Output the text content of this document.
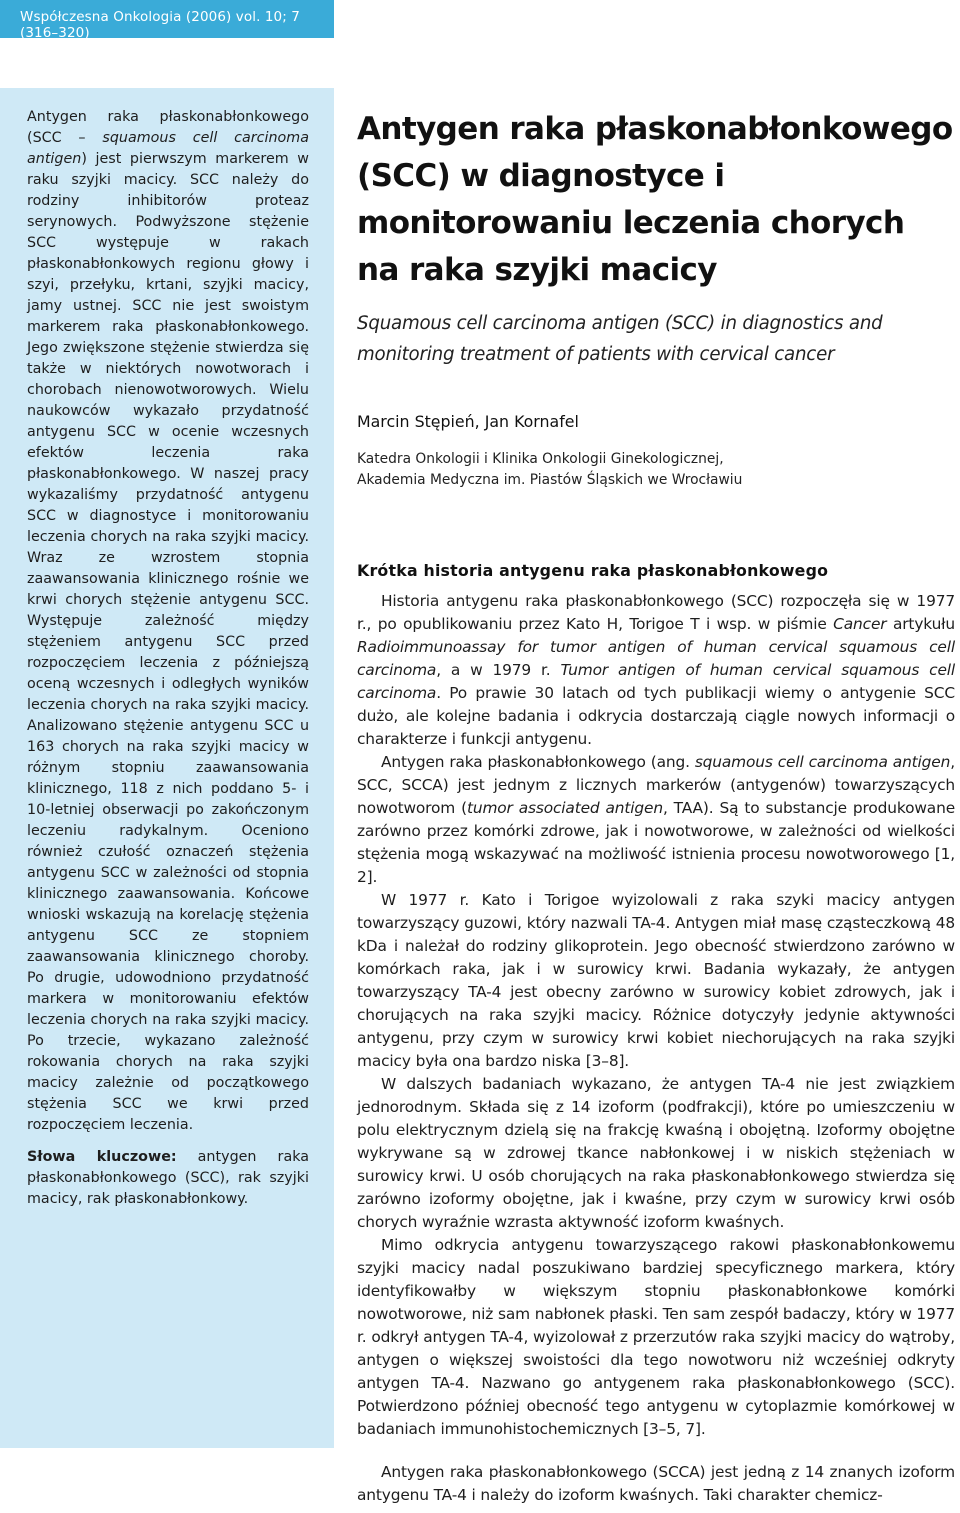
Współczesna Onkologia (2006) vol. 10; 7 (316–320)

Antygen raka płaskonabłonkowego (SCC – squamous cell carcinoma antigen) jest pierwszym markerem w raku szyjki macicy. SCC należy do rodziny inhibitorów proteaz serynowych. Podwyższone stężenie SCC występuje w rakach płaskonabłonkowych regionu głowy i szyi, przełyku, krtani, szyjki macicy, jamy ustnej. SCC nie jest swoistym markerem raka płaskonabłonkowego. Jego zwiększone stężenie stwierdza się także w niektórych nowotworach i chorobach nienowotworowych. Wielu naukowców wykazało przydatność antygenu SCC w ocenie wczesnych efektów leczenia raka płaskonabłonkowego. W naszej pracy wykazaliśmy przydatność antygenu SCC w diagnostyce i monitorowaniu leczenia chorych na raka szyjki macicy. Wraz ze wzrostem stopnia zaawansowania klinicznego rośnie we krwi chorych stężenie antygenu SCC. Występuje zależność między stężeniem antygenu SCC przed rozpoczęciem leczenia z późniejszą oceną wczesnych i odległych wyników leczenia chorych na raka szyjki macicy. Analizowano stężenie antygenu SCC u 163 chorych na raka szyjki macicy w różnym stopniu zaawansowania klinicznego, 118 z nich poddano 5- i 10-letniej obserwacji po zakończonym leczeniu radykalnym. Oceniono również czułość oznaczeń stężenia antygenu SCC w zależności od stopnia klinicznego zaawansowania. Końcowe wnioski wskazują na korelację stężenia antygenu SCC ze stopniem zaawansowania klinicznego choroby. Po drugie, udowodniono przydatność markera w monitorowaniu efektów leczenia chorych na raka szyjki macicy. Po trzecie, wykazano zależność rokowania chorych na raka szyjki macicy zależnie od początkowego stężenia SCC we krwi przed rozpoczęciem leczenia.

Słowa kluczowe: antygen raka płaskonabłonkowego (SCC), rak szyjki macicy, rak płaskonabłonkowy.

Antygen raka płaskonabłonkowego (SCC) w diagnostyce i monitorowaniu leczenia chorych na raka szyjki macicy

Squamous cell carcinoma antigen (SCC) in diagnostics and monitoring treatment of patients with cervical cancer

Marcin Stępień, Jan Kornafel

Katedra Onkologii i Klinika Onkologii Ginekologicznej,
Akademia Medyczna im. Piastów Śląskich we Wrocławiu

Krótka historia antygenu raka płaskonabłonkowego

Historia antygenu raka płaskonabłonkowego (SCC) rozpoczęła się w 1977 r., po opublikowaniu przez Kato H, Torigoe T i wsp. w piśmie Cancer artykułu Radioimmunoassay for tumor antigen of human cervical squamous cell carcinoma, a w 1979 r. Tumor antigen of human cervical squamous cell carcinoma. Po prawie 30 latach od tych publikacji wiemy o antygenie SCC dużo, ale kolejne badania i odkrycia dostarczają ciągle nowych informacji o charakterze i funkcji antygenu.

Antygen raka płaskonabłonkowego (ang. squamous cell carcinoma antigen, SCC, SCCA) jest jednym z licznych markerów (antygenów) towarzyszących nowotworom (tumor associated antigen, TAA). Są to substancje produkowane zarówno przez komórki zdrowe, jak i nowotworowe, w zależności od wielkości stężenia mogą wskazywać na możliwość istnienia procesu nowotworowego [1, 2].

W 1977 r. Kato i Torigoe wyizolowali z raka szyki macicy antygen towarzyszący guzowi, który nazwali TA-4. Antygen miał masę cząsteczkową 48 kDa i należał do rodziny glikoprotein. Jego obecność stwierdzono zarówno w komórkach raka, jak i w surowicy krwi. Badania wykazały, że antygen towarzyszący TA-4 jest obecny zarówno w surowicy kobiet zdrowych, jak i chorujących na raka szyjki macicy. Różnice dotyczyły jedynie aktywności antygenu, przy czym w surowicy krwi kobiet niechorujących na raka szyjki macicy była ona bardzo niska [3–8].

W dalszych badaniach wykazano, że antygen TA-4 nie jest związkiem jednorodnym. Składa się z 14 izoform (podfrakcji), które po umieszczeniu w polu elektrycznym dzielą się na frakcję kwaśną i obojętną. Izoformy obojętne wykrywane są w zdrowej tkance nabłonkowej i w niskich stężeniach w surowicy krwi. U osób chorujących na raka płaskonabłonkowego stwierdza się zarówno izoformy obojętne, jak i kwaśne, przy czym w surowicy krwi osób chorych wyraźnie wzrasta aktywność izoform kwaśnych.

Mimo odkrycia antygenu towarzyszącego rakowi płaskonabłonkowemu szyjki macicy nadal poszukiwano bardziej specyficznego markera, który identyfikowałby w większym stopniu płaskonabłonkowe komórki nowotworowe, niż sam nabłonek płaski. Ten sam zespół badaczy, który w 1977 r. odkrył antygen TA-4, wyizolował z przerzutów raka szyjki macicy do wątroby, antygen o większej swoistości dla tego nowotworu niż wcześniej odkryty antygen TA-4. Nazwano go antygenem raka płaskonabłonkowego (SCC). Potwierdzono później obecność tego antygenu w cytoplazmie komórkowej w badaniach immunohistochemicznych [3–5, 7].

Antygen raka płaskonabłonkowego (SCCA) jest jedną z 14 znanych izoform antygenu TA-4 i należy do izoform kwaśnych. Taki charakter chemicz-
